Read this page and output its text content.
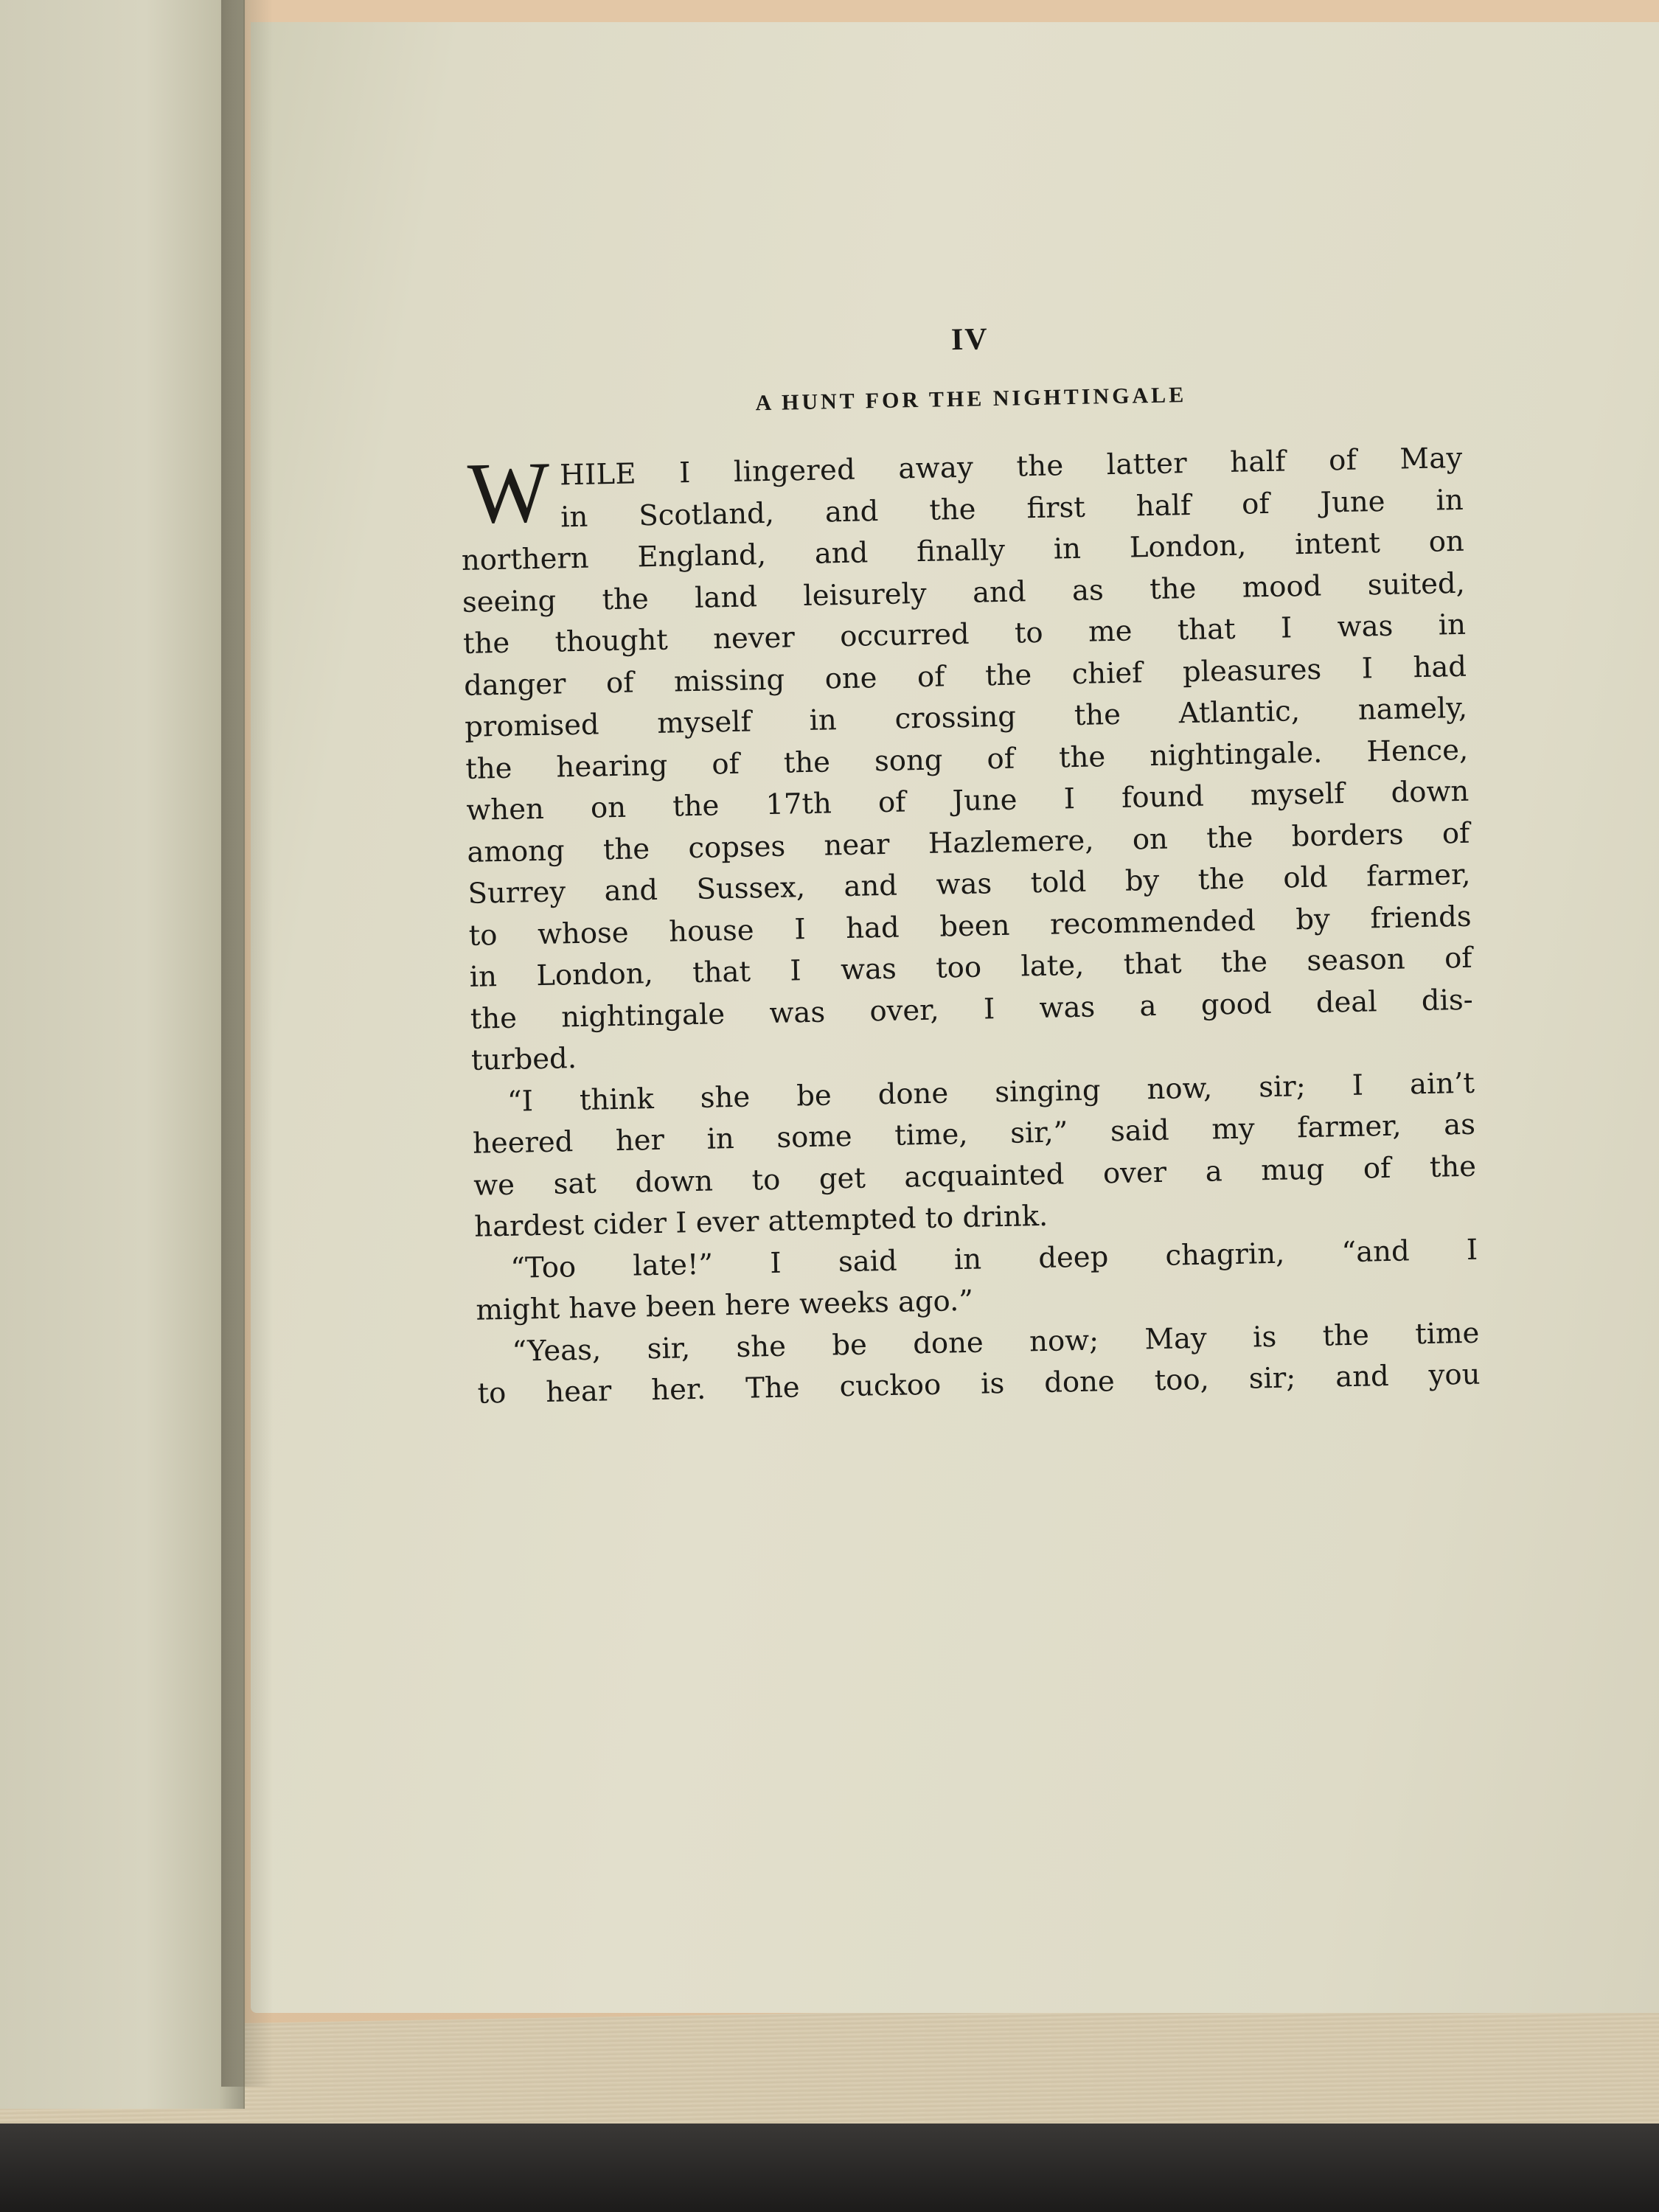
IV
A HUNT FOR THE NIGHTINGALE
W HILE I lingered away the latter half of May
in Scotland, and the first half of June in
northern England, and finally in London, intent on
seeing the land leisurely and as the mood suited,
the thought never occurred to me that I was in
danger of missing one of the chief pleasures I had
promised myself in crossing the Atlantic, namely,
the hearing of the song of the nightingale. Hence,
when on the 17th of June I found myself down
among the copses near Hazlemere, on the borders of
Surrey and Sussex, and was told by the old farmer,
to whose house I had been recommended by friends
in London, that I was too late, that the season of
the nightingale was over, I was a good deal dis-
turbed.
“I think she be done singing now, sir; I ain’t
heered her in some time, sir,” said my farmer, as
we sat down to get acquainted over a mug of the
hardest cider I ever attempted to drink.
“Too late!” I said in deep chagrin, “and I
might have been here weeks ago.”
“Yeas, sir, she be done now; May is the time
to hear her. The cuckoo is done too, sir; and you
